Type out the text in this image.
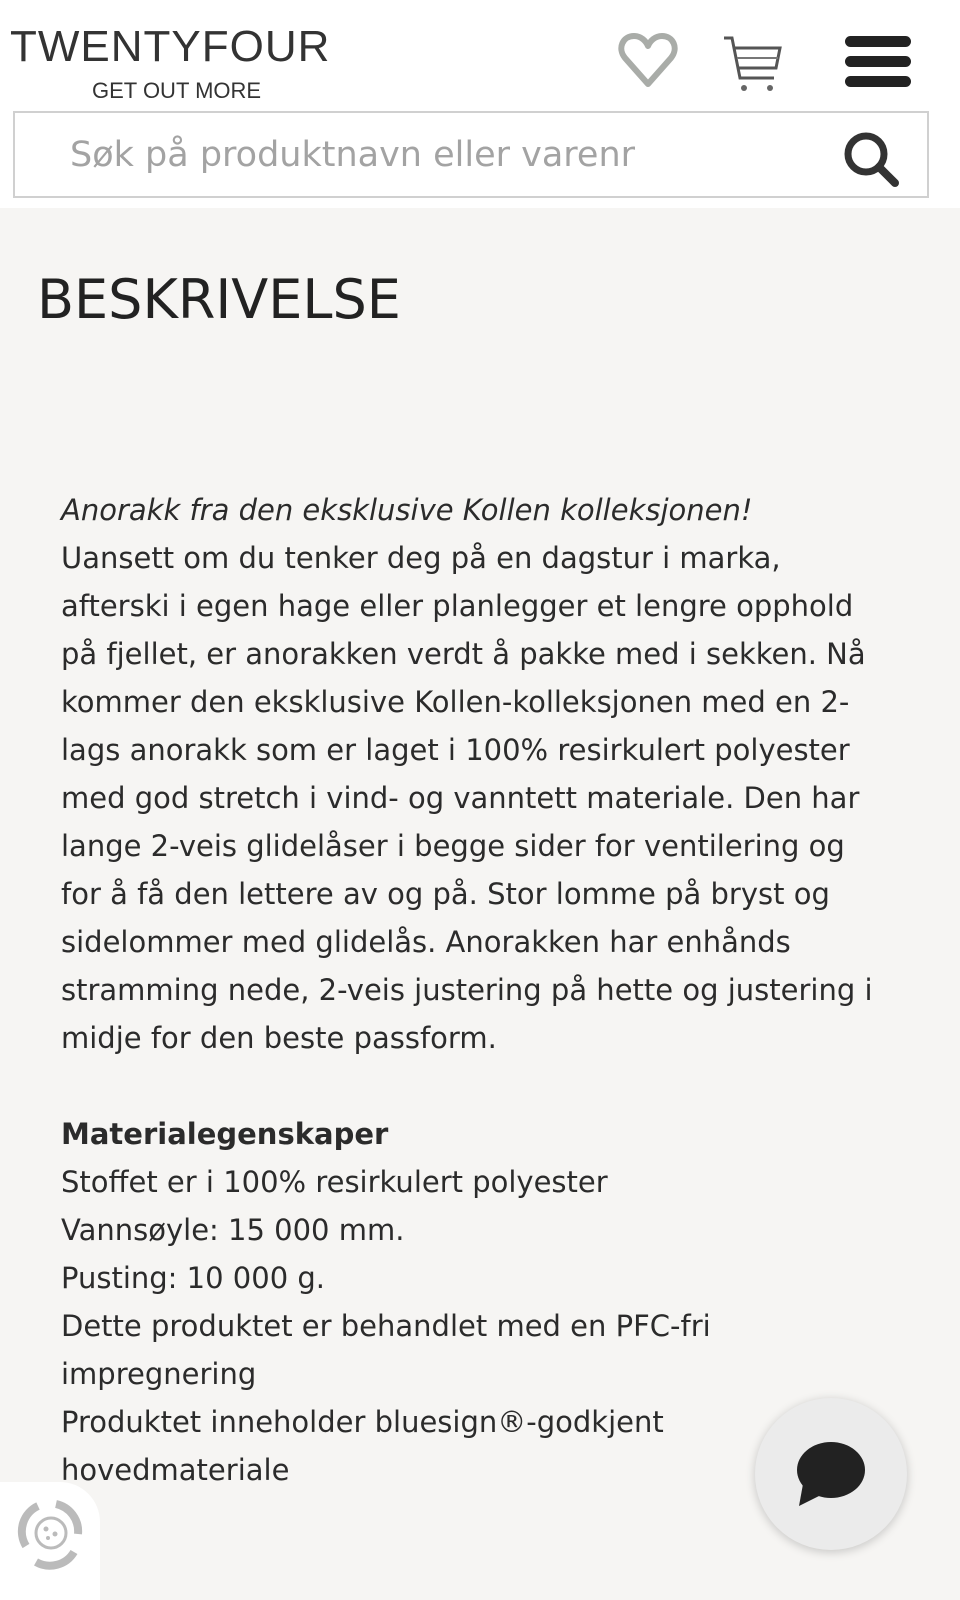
TWENTYFOUR
GET OUT MORE
Søk på produktnavn eller varenr
BESKRIVELSE
Anorakk fra den eksklusive Kollen kolleksjonen!
Uansett om du tenker deg på en dagstur i marka,
afterski i egen hage eller planlegger et lengre opphold
på fjellet, er anorakken verdt å pakke med i sekken. Nå
kommer den eksklusive Kollen-kolleksjonen med en 2-
lags anorakk som er laget i 100% resirkulert polyester
med god stretch i vind- og vanntett materiale. Den har
lange 2-veis glidelåser i begge sider for ventilering og
for å få den lettere av og på. Stor lomme på bryst og
sidelommer med glidelås. Anorakken har enhånds
stramming nede, 2-veis justering på hette og justering i
midje for den beste passform.
Materialegenskaper
Stoffet er i 100% resirkulert polyester
Vannsøyle: 15 000 mm.
Pusting: 10 000 g.
Dette produktet er behandlet med en PFC-fri
impregnering
Produktet inneholder bluesign®-godkjent
hovedmateriale
